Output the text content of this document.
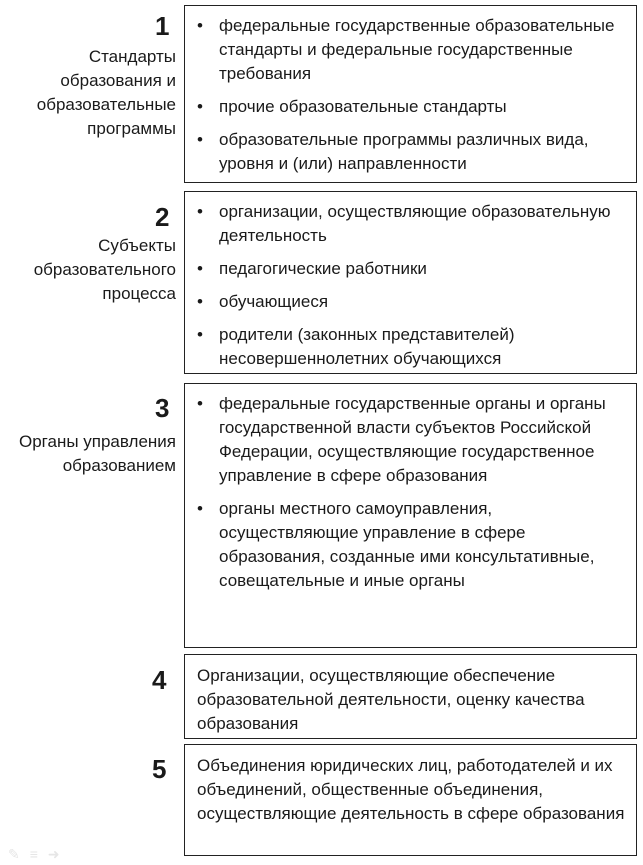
1
Стандарты
образования и
образовательные
программы
• федеральные государственные образовательные стандарты и федеральные государственные требования
• прочие образовательные стандарты
• образовательные программы различных вида, уровня и (или) направленности
2
Субъекты
образовательного
процесса
• организации, осуществляющие образовательную деятельность
• педагогические работники
• обучающиеся
• родители (законных представителей) несовершеннолетних обучающихся
3
Органы управления
образованием
• федеральные государственные органы и органы государственной власти субъектов Российской Федерации, осуществляющие государственное управление в сфере образования
• органы местного самоуправления, осуществляющие управление в сфере образования, созданные ими консультативные, совещательные и иные органы
4 Организации, осуществляющие обеспечение образовательной деятельности, оценку качества образования
5 Объединения юридических лиц, работодателей и их объединений, общественные объединения, осуществляющие деятельность в сфере образования
✎≡➜
